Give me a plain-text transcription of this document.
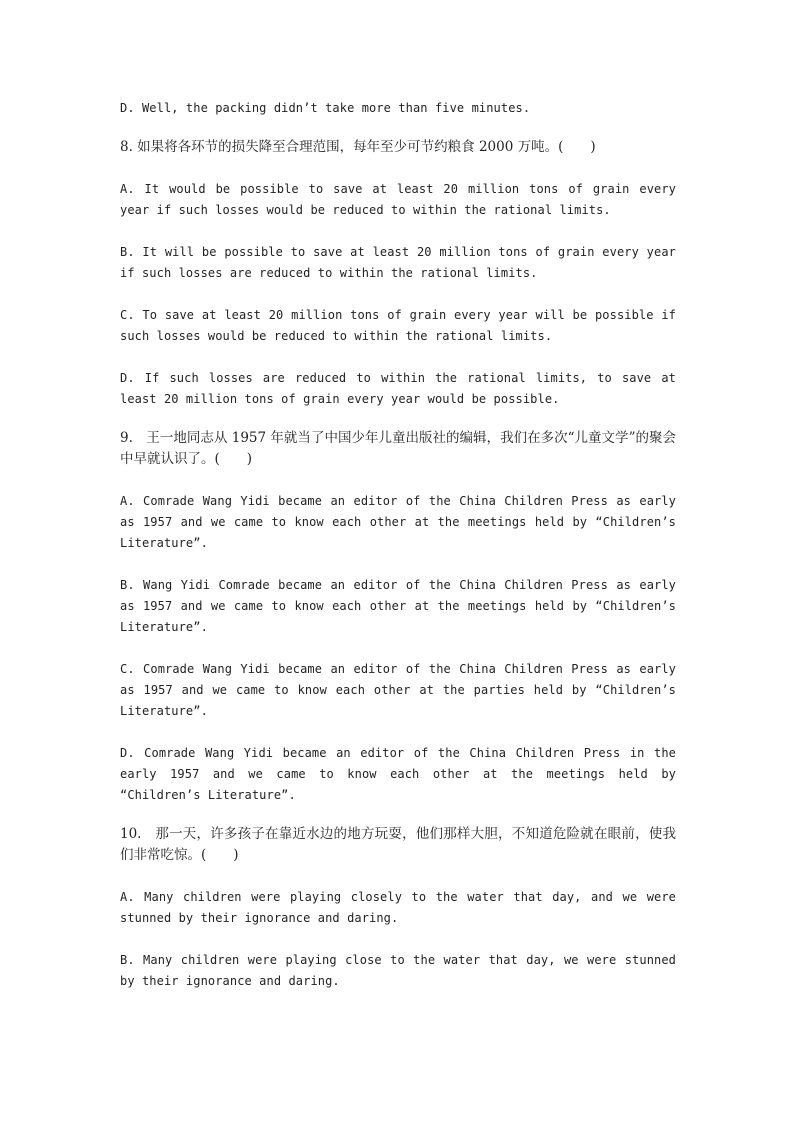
D. Well, the packing didn’t take more than five minutes.

8. 如果将各环节的损失降至合理范围，每年至少可节约粮食 2000 万吨。(　　)

A. It would be possible to save at least 20 million tons of grain every year if such losses would be reduced to within the rational limits.

B. It will be possible to save at least 20 million tons of grain every year if such losses are reduced to within the rational limits.

C. To save at least 20 million tons of grain every year will be possible if such losses would be reduced to within the rational limits.

D. If such losses are reduced to within the rational limits, to save at least 20 million tons of grain every year would be possible.

9.　王一地同志从 1957 年就当了中国少年儿童出版社的编辑，我们在多次“儿童文学”的聚会中早就认识了。(　　)

A. Comrade Wang Yidi became an editor of the China Children Press as early as 1957 and we came to know each other at the meetings held by “Children’s Literature”.

B. Wang Yidi Comrade became an editor of the China Children Press as early as 1957 and we came to know each other at the meetings held by “Children’s Literature”.

C. Comrade Wang Yidi became an editor of the China Children Press as early as 1957 and we came to know each other at the parties held by “Children’s Literature”.

D. Comrade Wang Yidi became an editor of the China Children Press in the early 1957 and we came to know each other at the meetings held by “Children’s Literature”.

10.　那一天，许多孩子在靠近水边的地方玩耍，他们那样大胆，不知道危险就在眼前，使我们非常吃惊。(　　)

A. Many children were playing closely to the water that day, and we were stunned by their ignorance and daring.

B. Many children were playing close to the water that day, we were stunned by their ignorance and daring.
